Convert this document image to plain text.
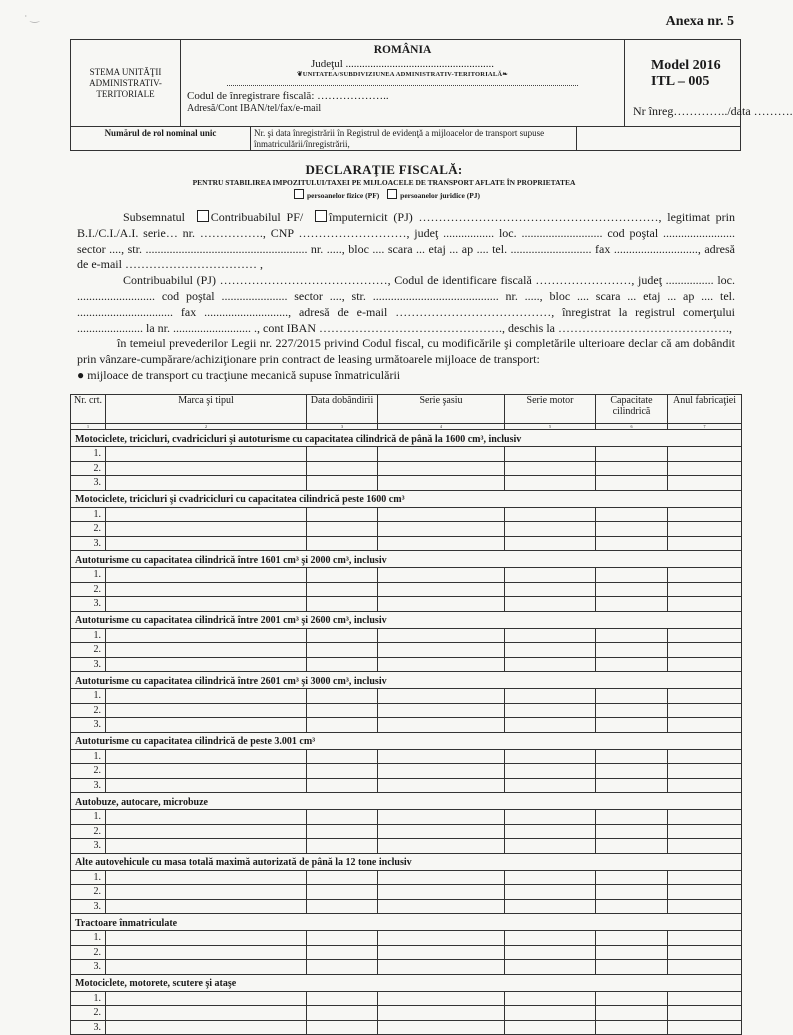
‧ ‿	Anexa nr. 5
STEMA UNITĂŢII ADMINISTRATIV-TERITORIALE
ROMÂNIA
Judeţul ......................................................
❦UNITATEA/SUBDIVIZIUNEA ADMINISTRATIV-TERITORIALĂ❧
Codul de înregistrare fiscală: ………………..
Adresă/Cont IBAN/tel/fax/e-mail
Model 2016 ITL – 005
Nr înreg…………../data ……….
Numărul de rol nominal unic	Nr. şi data înregistrării în Registrul de evidenţă a mijloacelor de transport supuse înmatriculării/înregistrării,
DECLARAŢIE FISCALĂ:
PENTRU STABILIREA IMPOZITULUI/TAXEI PE MIJLOACELE DE TRANSPORT AFLATE ÎN PROPRIETATEA
persoanelor fizice (PF)	persoanelor juridice (PJ)

Subsemnatul Contribuabilul PF/ împuternicit (PJ) ……………………………………………………, legitimat prin B.I./C.I./A.I. serie… nr. ……………., CNP ………………………, judeţ ................. loc. ........................... cod poştal ........................ sector ...., str. ...................................................... nr. ....., bloc .... scara ... etaj ... ap .... tel. ........................... fax ............................, adresă de e-mail …………………………… ,

Contribuabilul (PJ) ……………………………………, Codul de identificare fiscală ……………………, judeţ ................ loc. .......................... cod poştal ...................... sector ...., str. .......................................... nr. ....., bloc .... scara ... etaj ... ap .... tel. ................................ fax ............................, adresă de e-mail …………………………………, înregistrat la registrul comerţului ...................... la nr. .......................... ., cont IBAN ………………………………………., deschis la …………………………………….,

în temeiul prevederilor Legii nr. 227/2015 privind Codul fiscal, cu modificările şi completările ulterioare declar că am dobândit prin vânzare-cumpărare/achiziţionare prin contract de leasing următoarele mijloace de transport:

● mijloace de transport cu tracţiune mecanică supuse înmatriculării

Nr. crt.	Marca şi tipul	Data dobândirii	Serie şasiu	Serie motor	Capacitate cilindrică	Anul fabricaţiei
1	2	3	4	5	6	7
Motociclete, tricicluri, cvadricicluri şi autoturisme cu capacitatea cilindrică de până la 1600 cm³, inclusiv						
1.						
2.						
3.						
Motociclete, tricicluri şi cvadricicluri cu capacitatea cilindrică peste 1600 cm³						
1.						
2.						
3.						
Autoturisme cu capacitatea cilindrică între 1601 cm³ şi 2000 cm³, inclusiv						
1.						
2.						
3.						
Autoturisme cu capacitatea cilindrică între 2001 cm³ şi 2600 cm³, inclusiv						
1.						
2.						
3.						
Autoturisme cu capacitatea cilindrică între 2601 cm³ şi 3000 cm³, inclusiv						
1.						
2.						
3.						
Autoturisme cu capacitatea cilindrică de peste 3.001 cm³						
1.						
2.						
3.						
Autobuze, autocare, microbuze						
1.						
2.						
3.						
Alte autovehicule cu masa totală maximă autorizată de până la 12 tone inclusiv						
1.						
2.						
3.						
Tractoare înmatriculate						
1.						
2.						
3.						
Motociclete, motorete, scutere şi ataşe						
1.						
2.						
3.						
